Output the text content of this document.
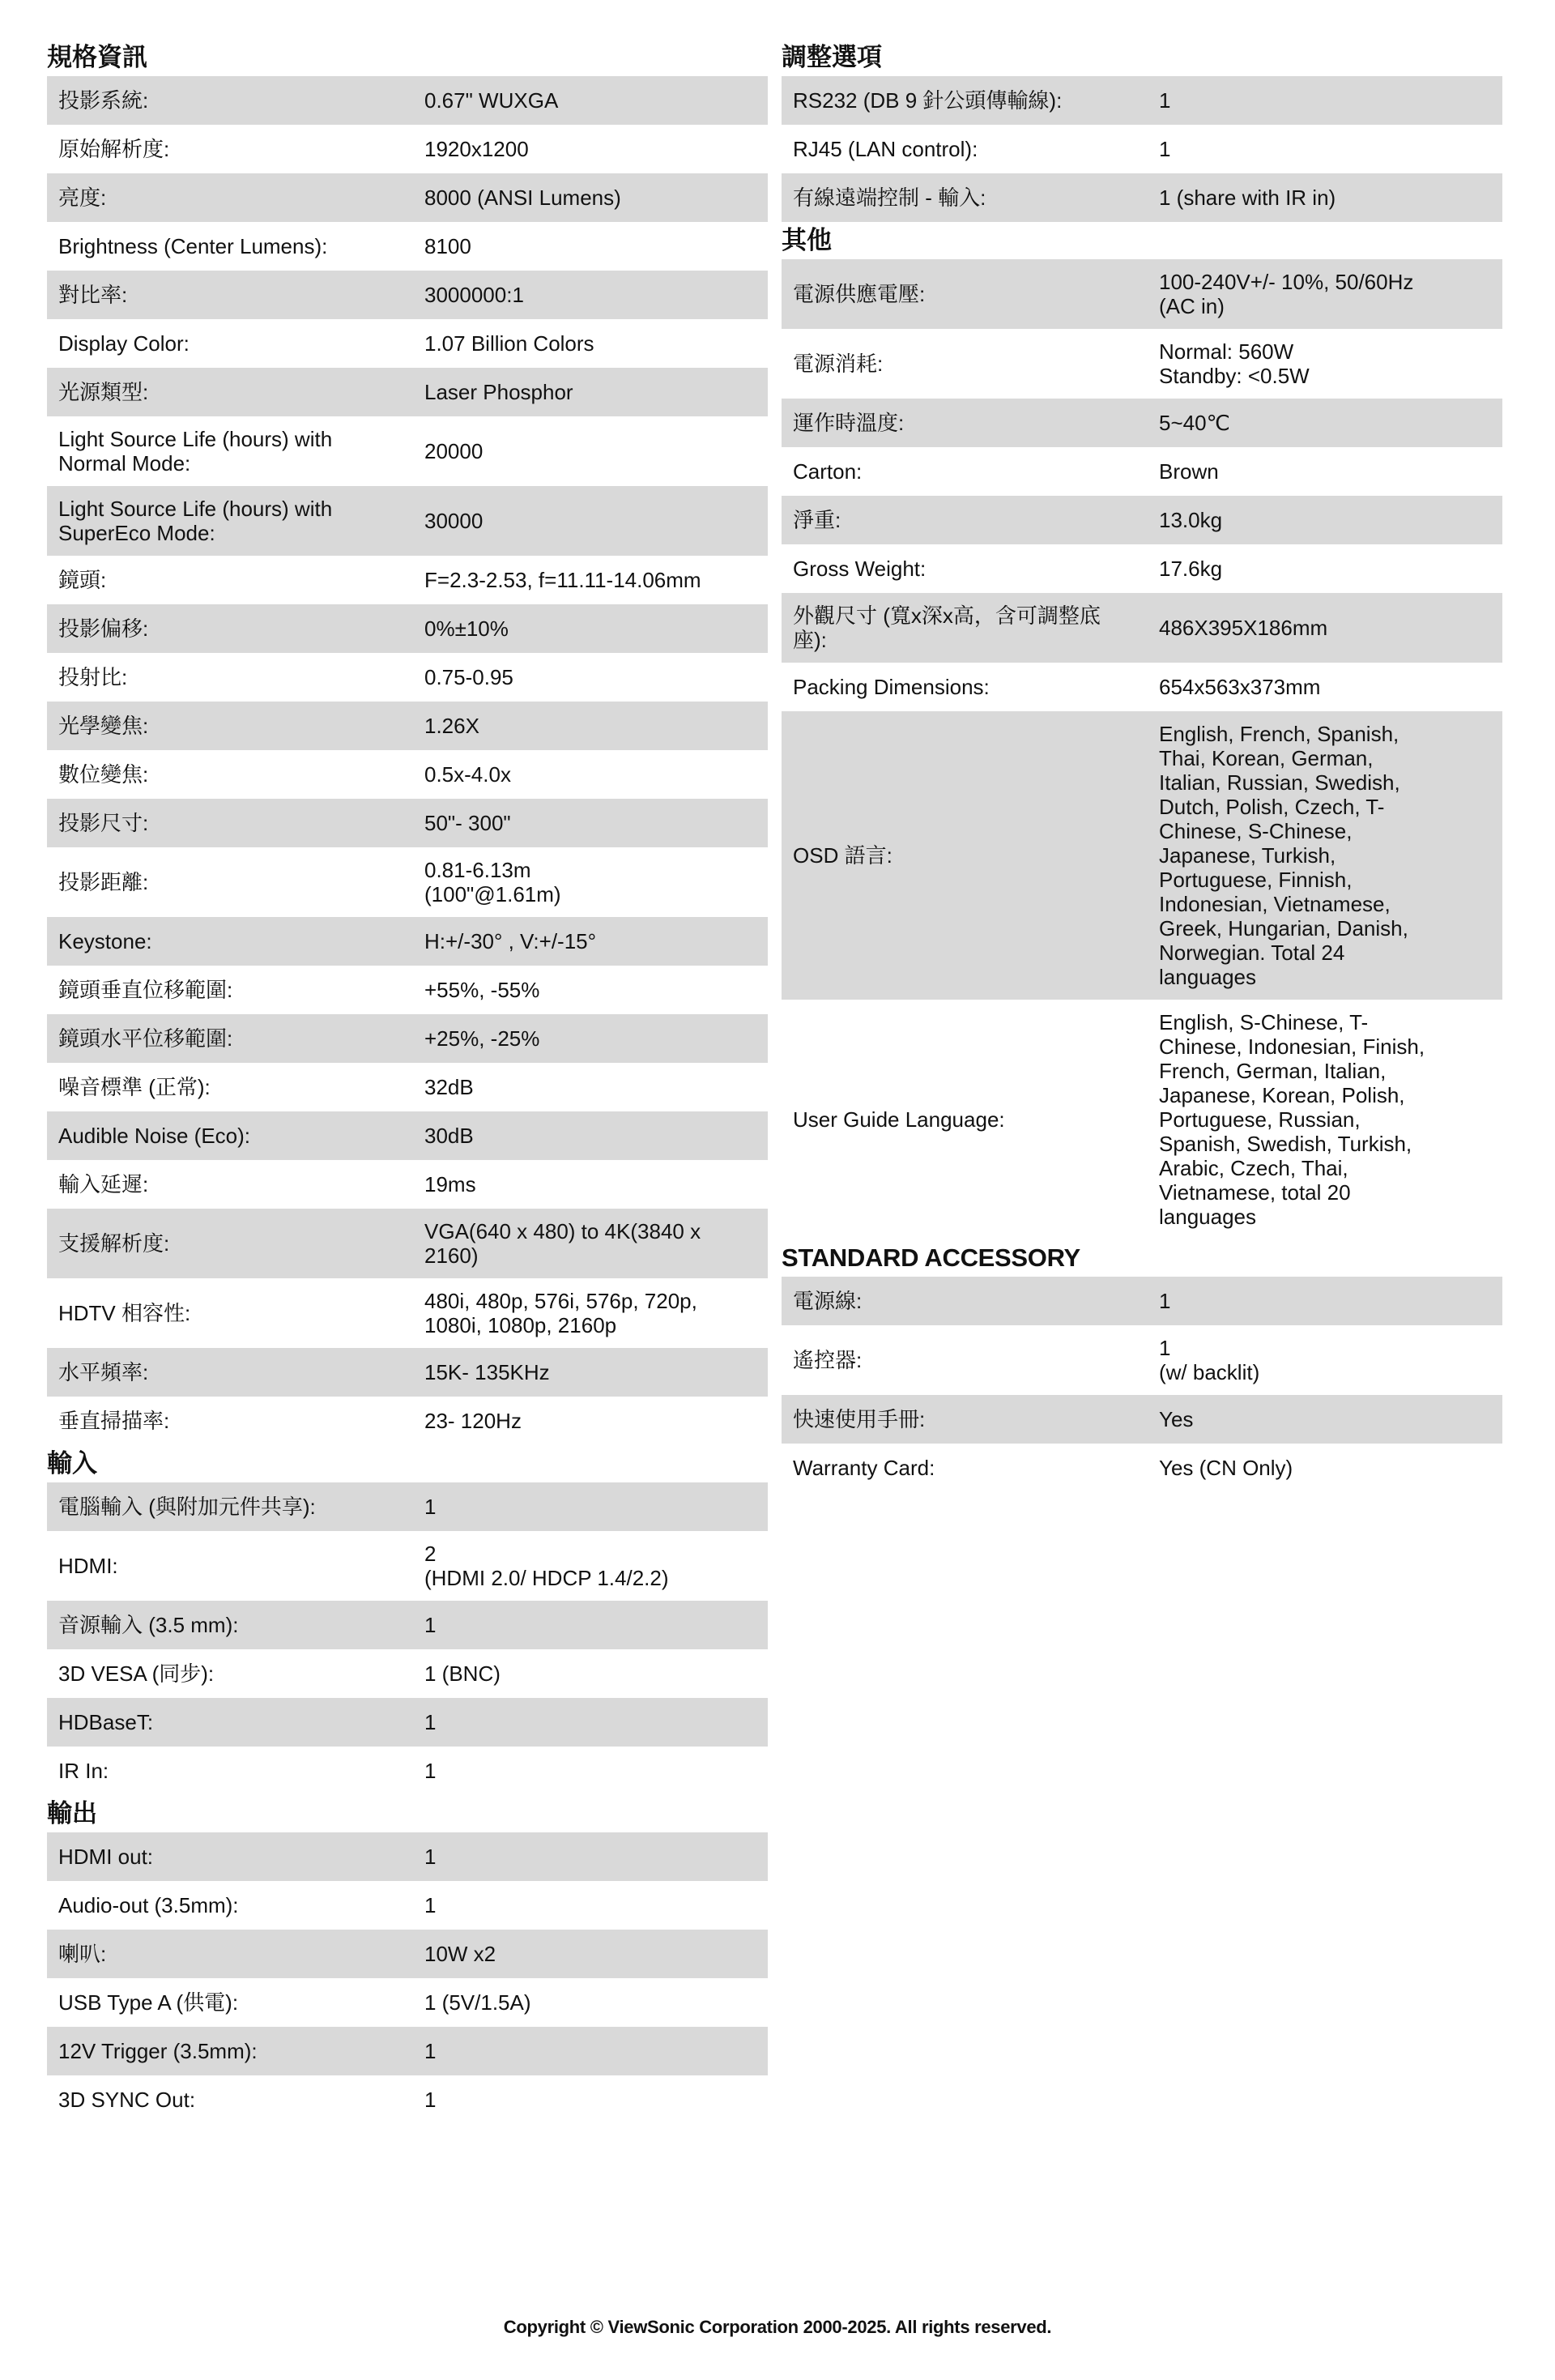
規格資訊
投影系統:	0.67" WUXGA
原始解析度:	1920x1200
亮度:	8000 (ANSI Lumens)
Brightness (Center Lumens):	8100
對比率:	3000000:1
Display Color:	1.07 Billion Colors
光源類型:	Laser Phosphor
Light Source Life (hours) with
Normal Mode:	20000
Light Source Life (hours) with
SuperEco Mode:	30000
鏡頭:	F=2.3-2.53, f=11.11-14.06mm
投影偏移:	0%±10%
投射比:	0.75-0.95
光學變焦:	1.26X
數位變焦:	0.5x-4.0x
投影尺寸:	50"- 300"
投影距離:	0.81-6.13m
(100"@1.61m)
Keystone:	H:+/-30° , V:+/-15°
鏡頭垂直位移範圍:	+55%, -55%
鏡頭水平位移範圍:	+25%, -25%
噪音標準 (正常):	32dB
Audible Noise (Eco):	30dB
輸入延遲:	19ms
支援解析度:	VGA(640 x 480) to 4K(3840 x
2160)
HDTV 相容性:	480i, 480p, 576i, 576p, 720p,
1080i, 1080p, 2160p
水平頻率:	15K- 135KHz
垂直掃描率:	23- 120Hz
輸入
電腦輸入 (與附加元件共享):	1
HDMI:	2
(HDMI 2.0/ HDCP 1.4/2.2)
音源輸入 (3.5 mm):	1
3D VESA (同步):	1 (BNC)
HDBaseT:	1
IR In:	1
輸出
HDMI out:	1
Audio-out (3.5mm):	1
喇叭:	10W x2
USB Type A (供電):	1 (5V/1.5A)
12V Trigger (3.5mm):	1
3D SYNC Out:	1
調整選項
RS232 (DB 9 針公頭傳輸線):	1
RJ45 (LAN control):	1
有線遠端控制 - 輸入:	1 (share with IR in)
其他
電源供應電壓:	100-240V+/- 10%, 50/60Hz
(AC in)
電源消耗:	Normal: 560W
Standby: <0.5W
運作時溫度:	5~40℃
Carton:	Brown
淨重:	13.0kg
Gross Weight:	17.6kg
外觀尺寸 (寬x深x高，含可調整底
座):	486X395X186mm
Packing Dimensions:	654x563x373mm
OSD 語言:
English, French, Spanish,
Thai, Korean, German,
Italian, Russian, Swedish,
Dutch, Polish, Czech, T-
Chinese, S-Chinese,
Japanese, Turkish,
Portuguese, Finnish,
Indonesian, Vietnamese,
Greek, Hungarian, Danish,
Norwegian. Total 24
languages
User Guide Language:
English, S-Chinese, T-
Chinese, Indonesian, Finish,
French, German, Italian,
Japanese, Korean, Polish,
Portuguese, Russian,
Spanish, Swedish, Turkish,
Arabic, Czech, Thai,
Vietnamese, total 20
languages
STANDARD ACCESSORY
電源線:	1
遙控器:	1
(w/ backlit)
快速使用手冊:	Yes
Warranty Card:	Yes (CN Only)
Copyright © ViewSonic Corporation 2000-2025. All rights reserved.
